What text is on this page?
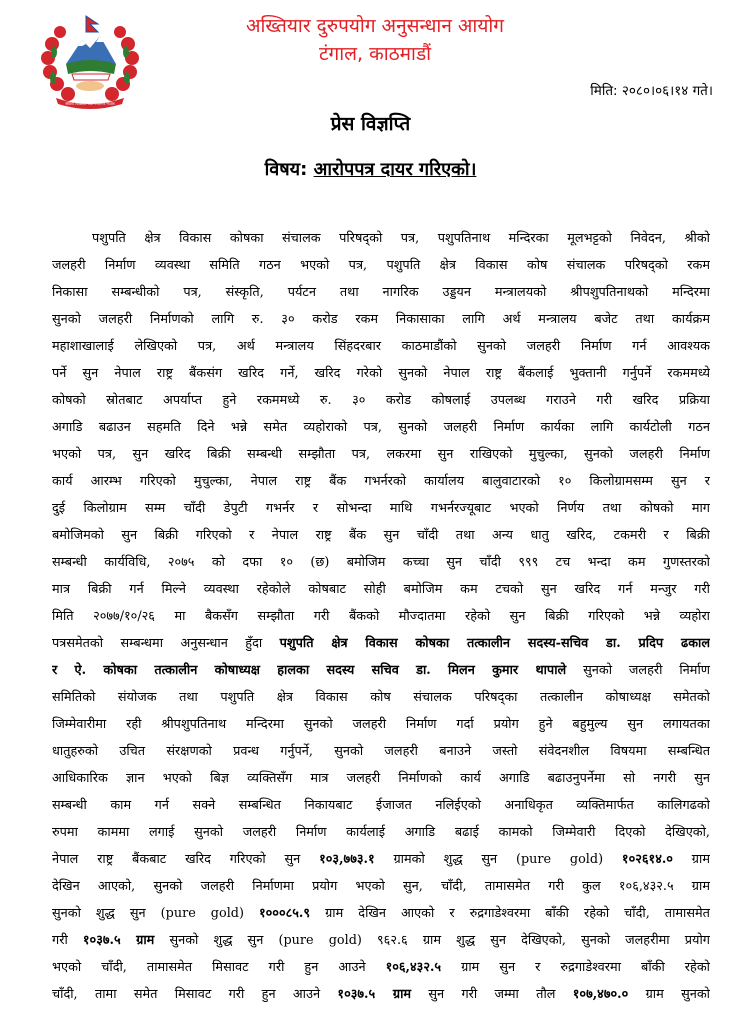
संघीय लोकतान्त्रिक गणतन्त्र नेपाल
अख्तियार दुरुपयोग अनुसन्धान आयोग
टंगाल, काठमाडौं
मिति: २०८०।०६।१४ गते।
प्रेस विज्ञप्ति
विषय: आरोपपत्र दायर गरिएको।
पशुपति क्षेत्र विकास कोषका संचालक परिषद्को पत्र, पशुपतिनाथ मन्दिरका मूलभट्टको निवेदन, श्रीको
जलहरी निर्माण व्यवस्था समिति गठन भएको पत्र, पशुपति क्षेत्र विकास कोष संचालक परिषद्को रकम
निकासा सम्बन्धीको पत्र, संस्कृति, पर्यटन तथा नागरिक उड्डयन मन्त्रालयको श्रीपशुपतिनाथको मन्दिरमा
सुनको जलहरी निर्माणको लागि रु. ३० करोड रकम निकासाका लागि अर्थ मन्त्रालय बजेट तथा कार्यक्रम
महाशाखालाई लेखिएको पत्र, अर्थ मन्त्रालय सिंहदरबार काठमाडौंको सुनको जलहरी निर्माण गर्न आवश्यक
पर्ने सुन नेपाल राष्ट्र बैंकसंग खरिद गर्ने, खरिद गरेको सुनको नेपाल राष्ट्र बैंकलाई भुक्तानी गर्नुपर्ने रकममध्ये
कोषको स्रोतबाट अपर्याप्त हुने रकममध्ये रु. ३० करोड कोषलाई उपलब्ध गराउने गरी खरिद प्रक्रिया
अगाडि बढाउन सहमति दिने भन्ने समेत व्यहोराको पत्र, सुनको जलहरी निर्माण कार्यका लागि कार्यटोली गठन
भएको पत्र, सुन खरिद बिक्री सम्बन्धी सम्झौता पत्र, लकरमा सुन राखिएको मुचुल्का, सुनको जलहरी निर्माण
कार्य आरम्भ गरिएको मुचुल्का, नेपाल राष्ट्र बैंक गभर्नरको कार्यालय बालुवाटारको १० किलोग्रामसम्म सुन र
दुई किलोग्राम सम्म चाँदी डेपुटी गभर्नर र सोभन्दा माथि गभर्नरज्यूबाट भएको निर्णय तथा कोषको माग
बमोजिमको सुन बिक्री गरिएको र नेपाल राष्ट्र बैंक सुन चाँदी तथा अन्य धातु खरिद, टकमरी र बिक्री
सम्बन्धी कार्यविधि, २०७५ को दफा १० (छ) बमोजिम कच्चा सुन चाँदी ९९९ टच भन्दा कम गुणस्तरको
मात्र बिक्री गर्न मिल्ने व्यवस्था रहेकोले कोषबाट सोही बमोजिम कम टचको सुन खरिद गर्न मन्जुर गरी
मिति २०७७/१०/२६ मा बैकसँग सम्झौता गरी बैंकको मौज्दातमा रहेको सुन बिक्री गरिएको भन्ने व्यहोरा
पत्रसमेतको सम्बन्धमा अनुसन्धान हुँदा पशुपति क्षेत्र विकास कोषका तत्कालीन सदस्य-सचिव डा. प्रदिप ढकाल
र ऐ. कोषका तत्कालीन कोषाध्यक्ष हालका सदस्य सचिव डा. मिलन कुमार थापाले सुनको जलहरी निर्माण
समितिको संयोजक तथा पशुपति क्षेत्र विकास कोष संचालक परिषद्का तत्कालीन कोषाध्यक्ष समेतको
जिम्मेवारीमा रही श्रीपशुपतिनाथ मन्दिरमा सुनको जलहरी निर्माण गर्दा प्रयोग हुने बहुमुल्य सुन लगायतका
धातुहरुको उचित संरक्षणको प्रवन्ध गर्नुपर्ने, सुनको जलहरी बनाउने जस्तो संवेदनशील विषयमा सम्बन्धित
आधिकारिक ज्ञान भएको बिज्ञ व्यक्तिसँग मात्र जलहरी निर्माणको कार्य अगाडि बढाउनुपर्नेमा सो नगरी सुन
सम्बन्धी काम गर्न सक्ने सम्बन्धित निकायबाट ईजाजत नलिईएको अनाधिकृत व्यक्तिमार्फत कालिगढको
रुपमा काममा लगाई सुनको जलहरी निर्माण कार्यलाई अगाडि बढाई कामको जिम्मेवारी दिएको देखिएको,
नेपाल राष्ट्र बैंकबाट खरिद गरिएको सुन १०३,७७३.१ ग्रामको शुद्ध सुन (pure gold) १०२६१४.० ग्राम
देखिन आएको, सुनको जलहरी निर्माणमा प्रयोग भएको सुन, चाँदी, तामासमेत गरी कुल १०६,४३२.५ ग्राम
सुनको शुद्ध सुन (pure gold) १०००८५.९ ग्राम देखिन आएको र रुद्रगाडेश्वरमा बाँकी रहेको चाँदी, तामासमेत
गरी १०३७.५ ग्राम सुनको शुद्ध सुन (pure gold) ९६२.६ ग्राम शुद्ध सुन देखिएको, सुनको जलहरीमा प्रयोग
भएको चाँदी, तामासमेत मिसावट गरी हुन आउने १०६,४३२.५ ग्राम सुन र रुद्रगाडेश्वरमा बाँकी रहेको
चाँदी, तामा समेत मिसावट गरी हुन आउने १०३७.५ ग्राम सुन गरी जम्मा तौल १०७,४७०.० ग्राम सुनको
